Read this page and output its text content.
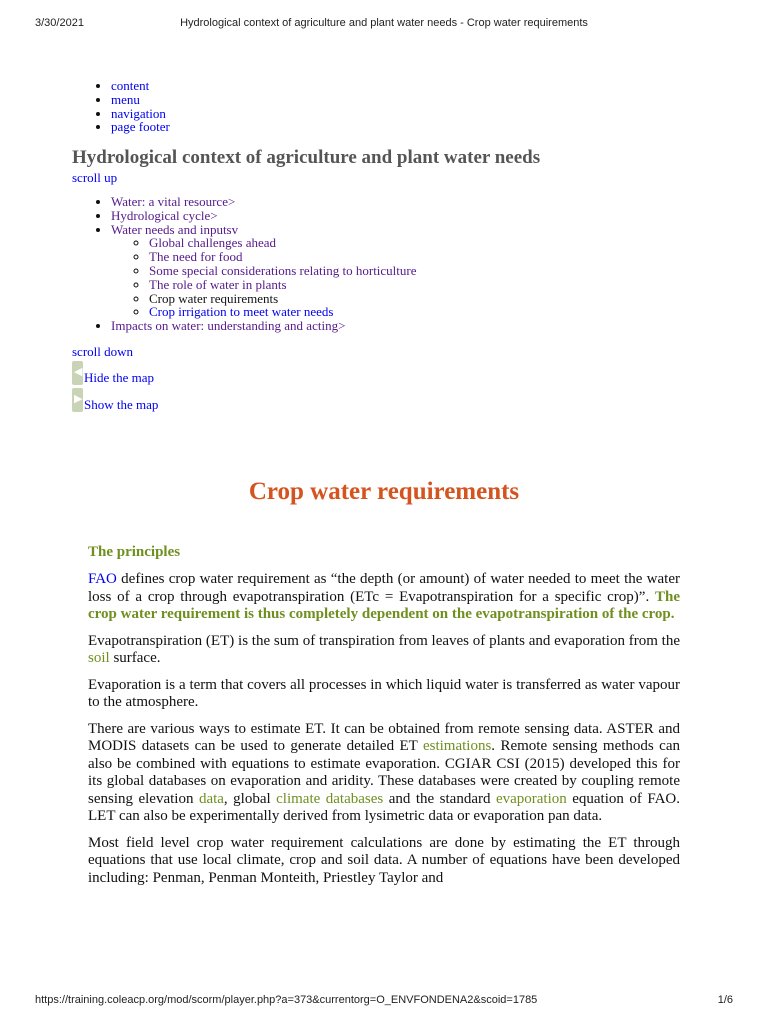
3/30/2021	Hydrological context of agriculture and plant water needs - Crop water requirements
• content
• menu
• navigation
• page footer
Hydrological context of agriculture and plant water needs
scroll up
• Water: a vital resource>
• Hydrological cycle>
• Water needs and inputsv
◦ Global challenges ahead
◦ The need for food
◦ Some special considerations relating to horticulture
◦ The role of water in plants
◦ Crop water requirements
◦ Crop irrigation to meet water needs
• Impacts on water: understanding and acting>
scroll down
◀ Hide the map
▶ Show the map
Crop water requirements
The principles

FAO defines crop water requirement as “the depth (or amount) of water needed to meet the water loss of a crop through evapotranspiration (ETc = Evapotranspiration for a specific crop)”. The crop water requirement is thus completely dependent on the evapotranspiration of the crop.

Evapotranspiration (ET) is the sum of transpiration from leaves of plants and evaporation from the soil surface.

Evaporation is a term that covers all processes in which liquid water is transferred as water vapour to the atmosphere.

There are various ways to estimate ET. It can be obtained from remote sensing data. ASTER and MODIS datasets can be used to generate detailed ET estimations. Remote sensing methods can also be combined with equations to estimate evaporation. CGIAR CSI (2015) developed this for its global databases on evaporation and aridity. These databases were created by coupling remote sensing elevation data, global climate databases and the standard evaporation equation of FAO. LET can also be experimentally derived from lysimetric data or evaporation pan data.

Most field level crop water requirement calculations are done by estimating the ET through equations that use local climate, crop and soil data. A number of equations have been developed including: Penman, Penman Monteith, Priestley Taylor and

https://training.coleacp.org/mod/scorm/player.php?a=373&currentorg=O_ENVFONDENA2&scoid=1785	1/6
